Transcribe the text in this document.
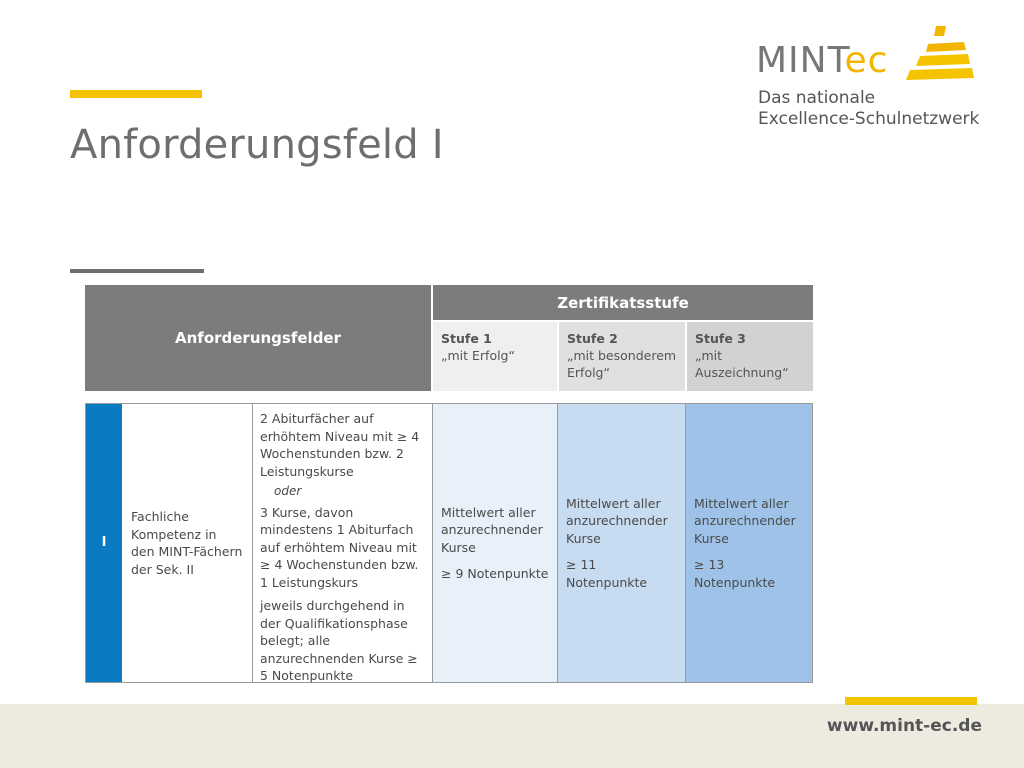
Anforderungsfeld I
MINTec
Das nationale
Excellence-Schulnetzwerk
Anforderungsfelder
Zertifikatsstufe
Stufe 1
„mit Erfolg“
Stufe 2
„mit besonderem Erfolg“
Stufe 3
„mit Auszeichnung“
I
Fachliche Kompetenz in den MINT-Fächern der Sek. II

2 Abiturfächer auf erhöhtem Niveau mit ≥ 4 Wochenstunden bzw. 2 Leistungskurse

oder

3 Kurse, davon mindestens 1 Abiturfach auf erhöhtem Niveau mit ≥ 4 Wochenstunden bzw. 1 Leistungskurs

jeweils durchgehend in der Qualifikationsphase belegt; alle anzurechnenden Kurse ≥ 5 Notenpunkte

Mittelwert aller anzurechnender Kurse

≥ 9 Notenpunkte

Mittelwert aller anzurechnender Kurse

≥ 11 Notenpunkte

Mittelwert aller anzurechnender Kurse

≥ 13 Notenpunkte

www.mint-ec.de
